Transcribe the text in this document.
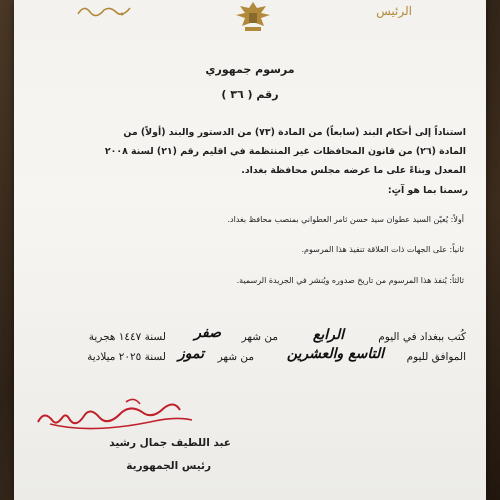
الرئيس
مرسوم جمهوري
رقم ( ٣٦ )
استناداً إلى أحكام البند (سابعاً) من المادة (٧٣) من الدستور والبند (أولاً) من
المادة (٢٦) من قانون المحافظات غير المنتظمة في اقليم رقم (٢١) لسنة ٢٠٠٨
المعدل وبناءً على ما عرضه مجلس محافظة بغداد.
رسمنا بما هو آتٍ:
أولاً: يُعيّن السيد عطوان سيد حسن ثامر العطواني بمنصب محافظ بغداد.
ثانياً: على الجهات ذات العلاقة تنفيذ هذا المرسوم.
ثالثاً: يُنفذ هذا المرسوم من تاريخ صدوره ويُنشر في الجريدة الرسمية.
كُتب ببغداد في اليوم
الرابع
من شهر
صفر
لسنة ١٤٤٧ هجرية
الموافق لليوم
التاسع والعشرين
من شهر
تموز
لسنة ٢٠٢٥ ميلادية
عبد اللطيف جمال رشيد
رئيس الجمهورية
